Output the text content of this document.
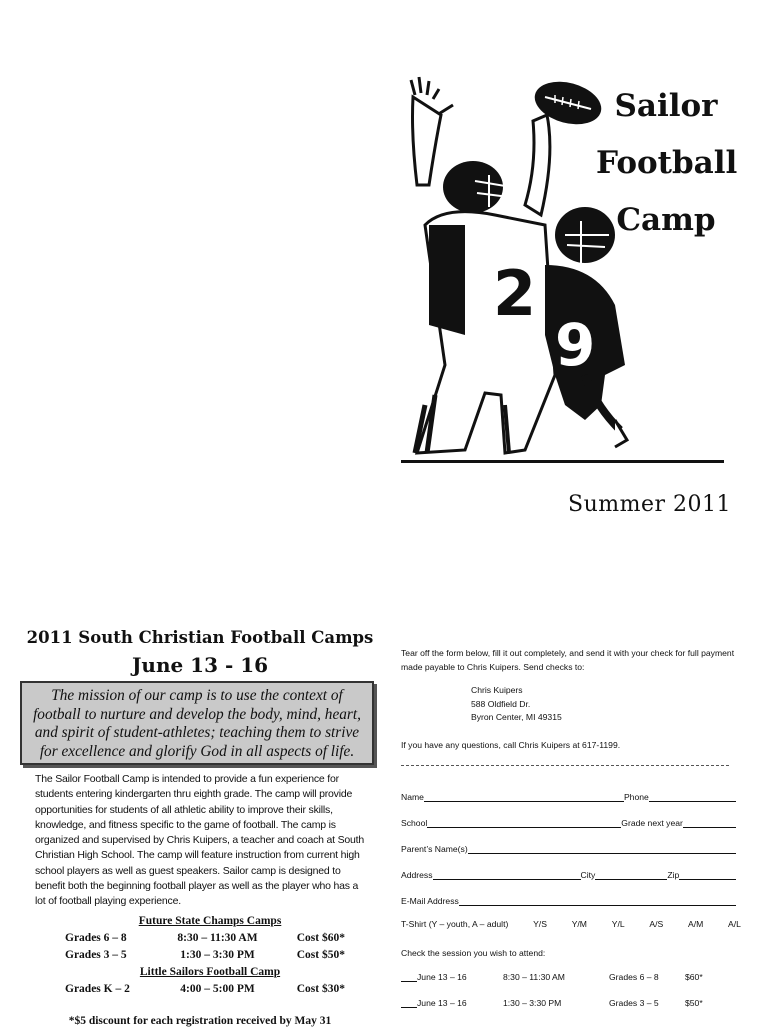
Sailor
Football
Camp
2
9
Summer 2011
2011 South Christian Football Camps
June 13 - 16
The mission of our camp is to use the context of football to nurture and develop the body, mind, heart, and spirit of student-athletes; teaching them to strive for excellence and glorify God in all aspects of life.
The Sailor Football Camp is intended to provide a fun experience for students entering kindergarten thru eighth grade. The camp will provide opportunities for students of all athletic ability to improve their skills, knowledge, and fitness specific to the game of football. The camp is organized and supervised by Chris Kuipers, a teacher and coach at South Christian High School. The camp will feature instruction from current high school players as well as guest speakers. Sailor camp is designed to benefit both the beginning football player as well as the player who has a lot of football playing experience.
Future State Champs Camps
Grades 6 – 8	8:30 – 11:30 AM	Cost $60*
Grades 3 – 5	1:30 – 3:30 PM	Cost $50*
Little Sailors Football Camp
Grades K – 2	4:00 – 5:00 PM	Cost $30*
*$5 discount for each registration received by May 31
Tear off the form below, fill it out completely, and send it with your check for full payment made payable to Chris Kuipers. Send checks to:
Chris Kuipers
588 Oldfield Dr.
Byron Center, MI 49315
If you have any questions, call Chris Kuipers at 617-1199.
Name	Phone
School	Grade next year
Parent’s Name(s)
Address	City	Zip
E-Mail Address
T-Shirt (Y – youth, A – adult)	Y/S	Y/M	Y/L	A/S	A/M	A/L
Check the session you wish to attend:
June 13 – 16	8:30 – 11:30 AM	Grades 6 – 8	$60*
June 13 – 16	1:30 – 3:30 PM	Grades 3 – 5	$50*
